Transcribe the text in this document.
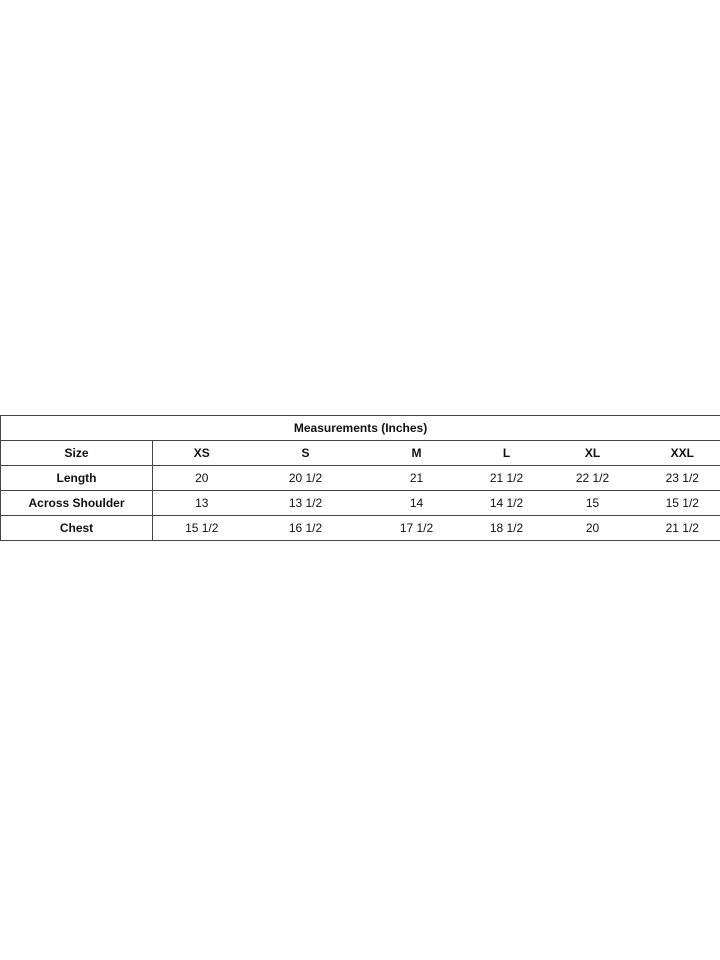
Measurements (Inches)						
Size	XS	S	M	L	XL	XXL
Length	20	20 1/2	21	21 1/2	22 1/2	23 1/2
Across Shoulder	13	13 1/2	14	14 1/2	15	15 1/2
Chest	15 1/2	16 1/2	17 1/2	18 1/2	20	21 1/2
